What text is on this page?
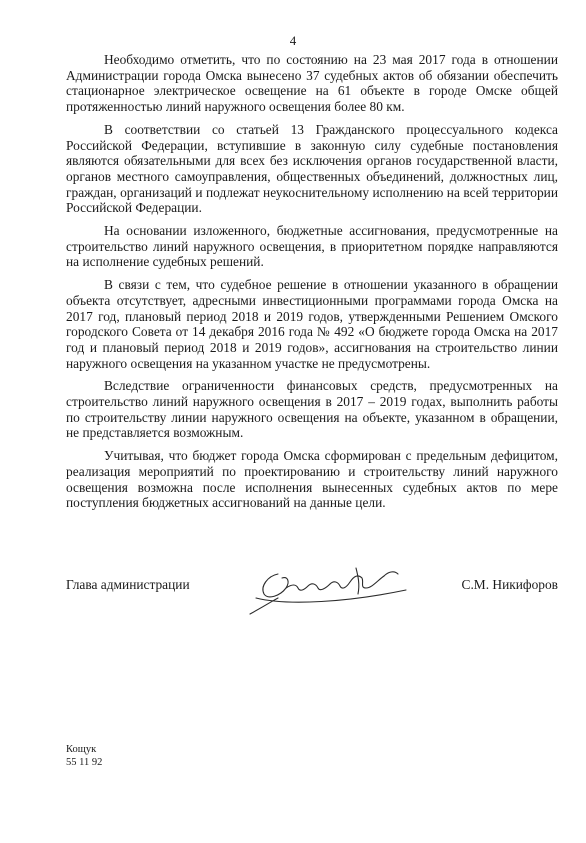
4

Необходимо отметить, что по состоянию на 23 мая 2017 года в отношении Администрации города Омска вынесено 37 судебных актов об обязании обеспечить стационарное электрическое освещение на 61 объекте в городе Омске общей протяженностью линий наружного освещения более 80 км.

В соответствии со статьей 13 Гражданского процессуального кодекса Российской Федерации, вступившие в законную силу судебные постановления являются обязательными для всех без исключения органов государственной власти, органов местного самоуправления, общественных объединений, должностных лиц, граждан, организаций и подлежат неукоснительному исполнению на всей территории Российской Федерации.

На основании изложенного, бюджетные ассигнования, предусмотренные на строительство линий наружного освещения, в приоритетном порядке направляются на исполнение судебных решений.

В связи с тем, что судебное решение в отношении указанного в обращении объекта отсутствует, адресными инвестиционными программами города Омска на 2017 год, плановый период 2018 и 2019 годов, утвержденными Решением Омского городского Совета от 14 декабря 2016 года № 492 «О бюджете города Омска на 2017 год и плановый период 2018 и 2019 годов», ассигнования на строительство линии наружного освещения на указанном участке не предусмотрены.

Вследствие ограниченности финансовых средств, предусмотренных на строительство линий наружного освещения в 2017 – 2019 годах, выполнить работы по строительству линии наружного освещения на объекте, указанном в обращении, не представляется возможным.

Учитывая, что бюджет города Омска сформирован с предельным дефицитом, реализация мероприятий по проектированию и строительству линий наружного освещения возможна после исполнения вынесенных судебных актов по мере поступления бюджетных ассигнований на данные цели.

Глава администрации	С.М. Никифоров
Кощук
55 11 92
